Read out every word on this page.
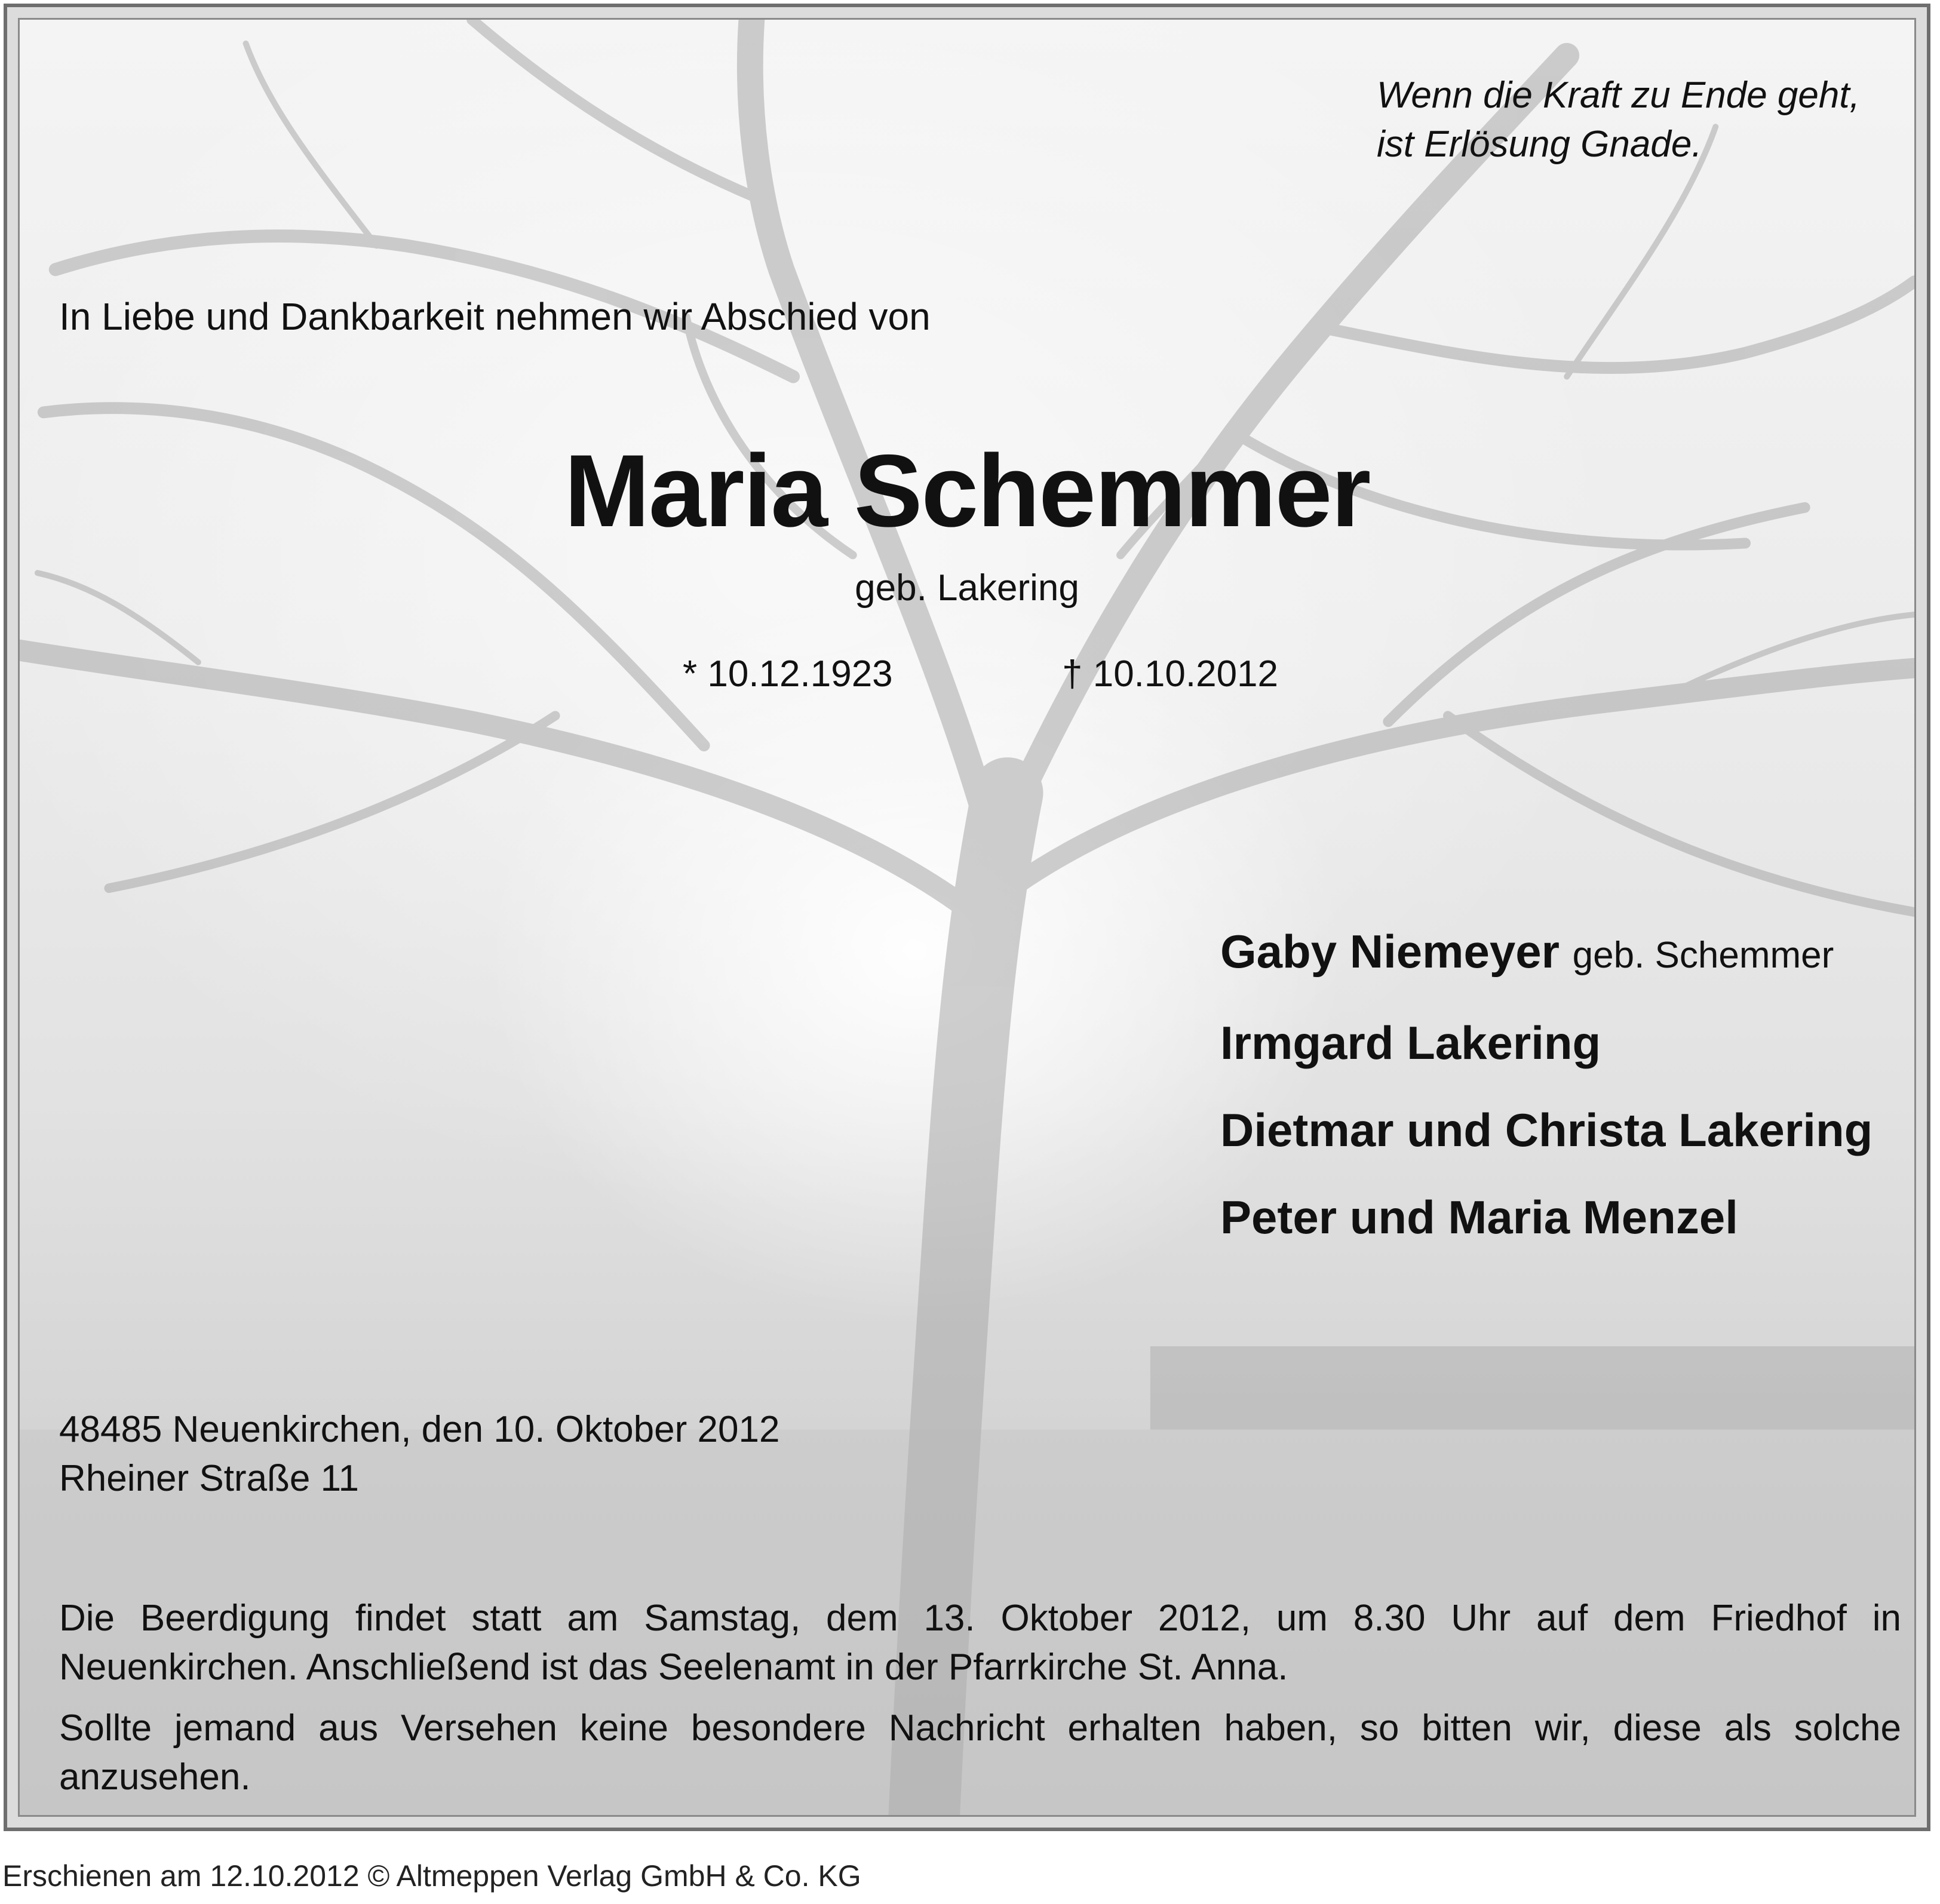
Wenn die Kraft zu Ende geht,
ist Erlösung Gnade.
In Liebe und Dankbarkeit nehmen wir Abschied von
Maria Schemmer
geb. Lakering
* 10.12.1923	† 10.10.2012
Gaby Niemeyer geb. Schemmer
Irmgard Lakering
Dietmar und Christa Lakering
Peter und Maria Menzel
48485 Neuenkirchen, den 10. Oktober 2012
Rheiner Straße 11

Die Beerdigung findet statt am Samstag, dem 13. Oktober 2012, um 8.30 Uhr auf dem Friedhof in Neuenkirchen. Anschließend ist das Seelenamt in der Pfarrkirche St. Anna.

Sollte jemand aus Versehen keine besondere Nachricht erhalten haben, so bitten wir, diese als solche anzusehen.

Erschienen am 12.10.2012 © Altmeppen Verlag GmbH & Co. KG
